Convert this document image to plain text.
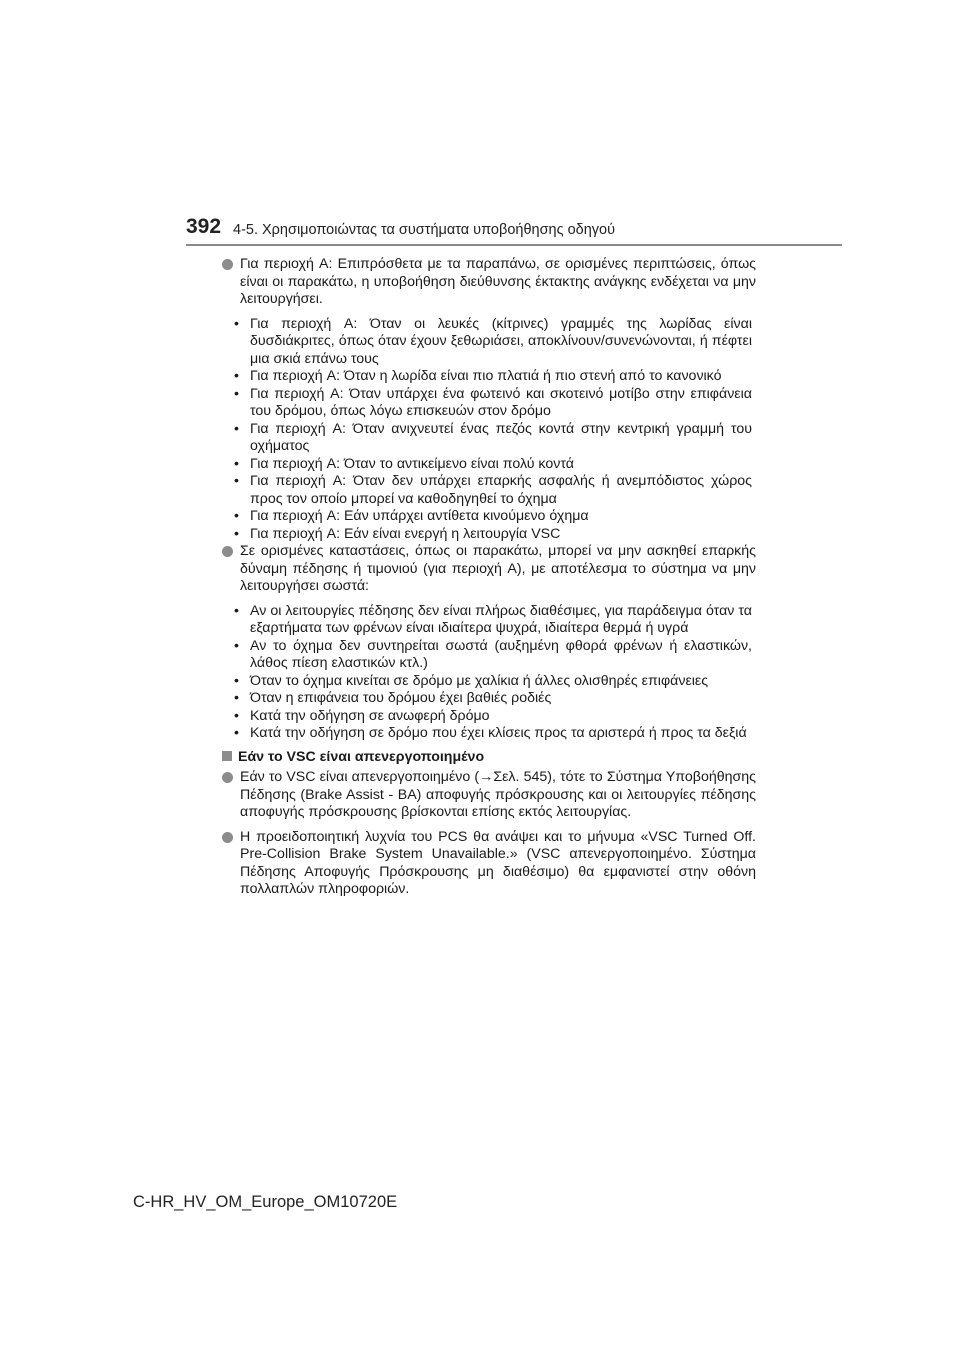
392 4-5. Χρησιμοποιώντας τα συστήματα υποβοήθησης οδηγού
Για περιοχή A: Επιπρόσθετα με τα παραπάνω, σε ορισμένες περιπτώσεις, όπως είναι οι παρακάτω, η υποβοήθηση διεύθυνσης έκτακτης ανάγκης ενδέχεται να μην λειτουργήσει.
• Για περιοχή A: Όταν οι λευκές (κίτρινες) γραμμές της λωρίδας είναι δυσδιάκριτες, όπως όταν έχουν ξεθωριάσει, αποκλίνουν/συνενώνονται, ή πέφτει μια σκιά επάνω τους
• Για περιοχή A: Όταν η λωρίδα είναι πιο πλατιά ή πιο στενή από το κανονικό
• Για περιοχή A: Όταν υπάρχει ένα φωτεινό και σκοτεινό μοτίβο στην επιφάνεια του δρόμου, όπως λόγω επισκευών στον δρόμο
• Για περιοχή A: Όταν ανιχνευτεί ένας πεζός κοντά στην κεντρική γραμμή του οχήματος
• Για περιοχή A: Όταν το αντικείμενο είναι πολύ κοντά
• Για περιοχή A: Όταν δεν υπάρχει επαρκής ασφαλής ή ανεμπόδιστος χώρος προς τον οποίο μπορεί να καθοδηγηθεί το όχημα
• Για περιοχή A: Εάν υπάρχει αντίθετα κινούμενο όχημα
• Για περιοχή A: Εάν είναι ενεργή η λειτουργία VSC
Σε ορισμένες καταστάσεις, όπως οι παρακάτω, μπορεί να μην ασκηθεί επαρκής δύναμη πέδησης ή τιμονιού (για περιοχή A), με αποτέλεσμα το σύστημα να μην λειτουργήσει σωστά:
• Αν οι λειτουργίες πέδησης δεν είναι πλήρως διαθέσιμες, για παράδειγμα όταν τα εξαρτήματα των φρένων είναι ιδιαίτερα ψυχρά, ιδιαίτερα θερμά ή υγρά
• Αν το όχημα δεν συντηρείται σωστά (αυξημένη φθορά φρένων ή ελαστικών, λάθος πίεση ελαστικών κτλ.)
• Όταν το όχημα κινείται σε δρόμο με χαλίκια ή άλλες ολισθηρές επιφάνειες
• Όταν η επιφάνεια του δρόμου έχει βαθιές ροδιές
• Κατά την οδήγηση σε ανωφερή δρόμο
• Κατά την οδήγηση σε δρόμο που έχει κλίσεις προς τα αριστερά ή προς τα δεξιά
Εάν το VSC είναι απενεργοποιημένο
Εάν το VSC είναι απενεργοποιημένο (→Σελ. 545), τότε το Σύστημα Υποβοήθησης Πέδησης (Brake Assist - BA) αποφυγής πρόσκρουσης και οι λειτουργίες πέδησης αποφυγής πρόσκρουσης βρίσκονται επίσης εκτός λειτουργίας.
Η προειδοποιητική λυχνία του PCS θα ανάψει και το μήνυμα «VSC Turned Off. Pre-Collision Brake System Unavailable.» (VSC απενεργοποιημένο. Σύστημα Πέδησης Αποφυγής Πρόσκρουσης μη διαθέσιμο) θα εμφανιστεί στην οθόνη πολλαπλών πληροφοριών.
C-HR_HV_OM_Europe_OM10720E
